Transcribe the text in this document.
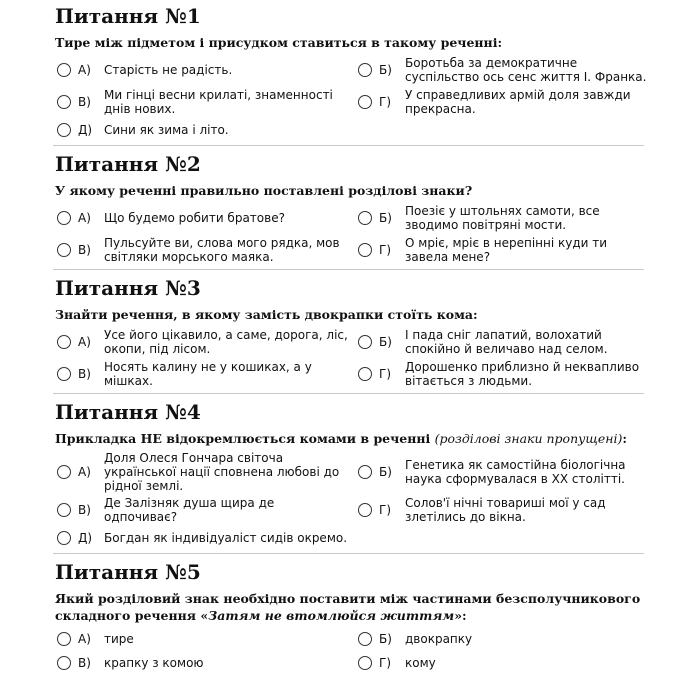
Питання №1

Тире між підметом і присудком ставиться в такому реченні:

А)	Старість не радість.	Б)	Боротьба за демократичне суспільство ось сенс життя І. Франка.
В)	Ми гінці весни крилаті, знаменності днів нових.	Г)	У справедливих армій доля завжди прекрасна.
Д) Сини як зима і літо.
Питання №2

У якому реченні правильно поставлені розділові знаки?

А)	Що будемо робити братове?	Б)	Поезіє у штольнях самоти, все зводимо повітряні мости.
В)	Пульсуйте ви, слова мого рядка, мов світляки морського маяка.	Г)	О мріє, мріє в нерепінні куди ти завела мене?
Питання №3

Знайти речення, в якому замість двокрапки стоїть кома:

А)	Усе його цікавило, а саме, дорога, ліс, окопи, під лісом.	Б)	І пада сніг лапатий, волохатий спокійно й величаво над селом.
В)	Носять калину не у кошиках, а у мішках.	Г)	Дорошенко приблизно й неквапливо вітається з людьми.
Питання №4

Прикладка НЕ відокремлюється комами в реченні (розділові знаки пропущені):

А)
Доля Олеся Гончара світоча української нації сповнена любові до рідної землі.
Б)	Генетика як самостійна біологічна наука сформувалася в ХХ столітті.
В)	Де Залізняк душа щира де одпочиває?	Г)	Солов'ї нічні товариші мої у сад злетілись до вікна.
Д) Богдан як індивідуаліст сидів окремо.
Питання №5

Який розділовий знак необхідно поставити між частинами безсполучникового складного речення «Затям не втомлюйся життям»:

А)	тире	Б)	двокрапку
В)	крапку з комою	Г)	кому
